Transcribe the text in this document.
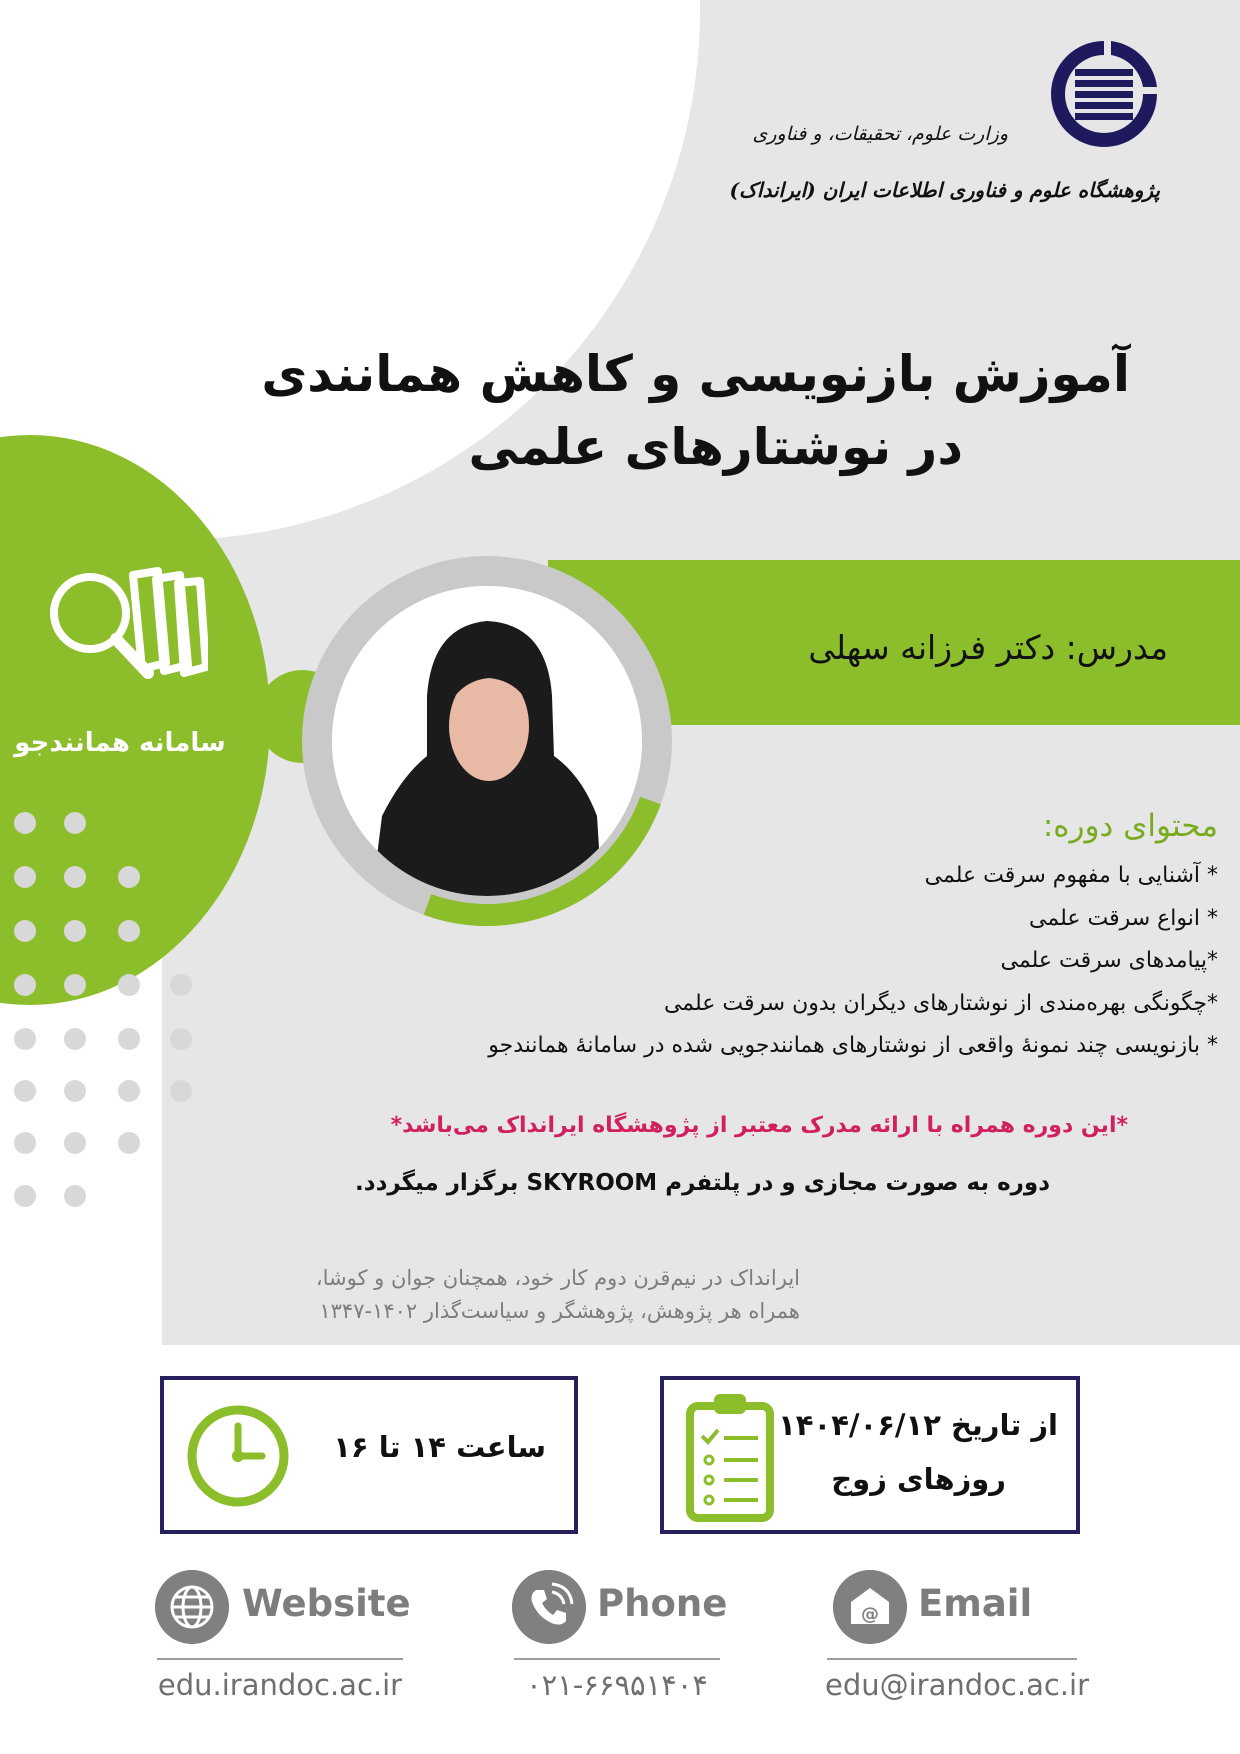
وزارت علوم، تحقیقات، و فناوری
پژوهشگاه علوم و فناوری اطلاعات ایران (ایرانداک)
آموزش بازنویسی و کاهش همانندی
در نوشتارهای علمی
سامانه همانندجو
مدرس: دکتر فرزانه سهلی
محتوای دوره:
* آشنایی با مفهوم سرقت علمی
* انواع سرقت علمی
*پیامدهای سرقت علمی
*چگونگی بهره‌مندی از نوشتارهای دیگران بدون سرقت علمی
* بازنویسی چند نمونهٔ واقعی از نوشتارهای همانندجویی شده در سامانهٔ همانندجو
*این دوره همراه با ارائه مدرک معتبر از پژوهشگاه ایرانداک می‌باشد*
دوره به صورت مجازی و در پلتفرم SKYROOM برگزار میگردد.
ایرانداک در نیم‌قرن دوم کار خود، همچنان جوان و کوشا،
همراه هر پژوهش، پژوهشگر و سیاست‌گذار ۱۴۰۲-۱۳۴۷
ساعت ۱۴ تا ۱۶
از تاریخ ۱۴۰۴/۰۶/۱۲
روزهای زوج
Website
edu.irandoc.ac.ir
Phone
۰۲۱-۶۶۹۵۱۴۰۴
@ Email
edu@irandoc.ac.ir
